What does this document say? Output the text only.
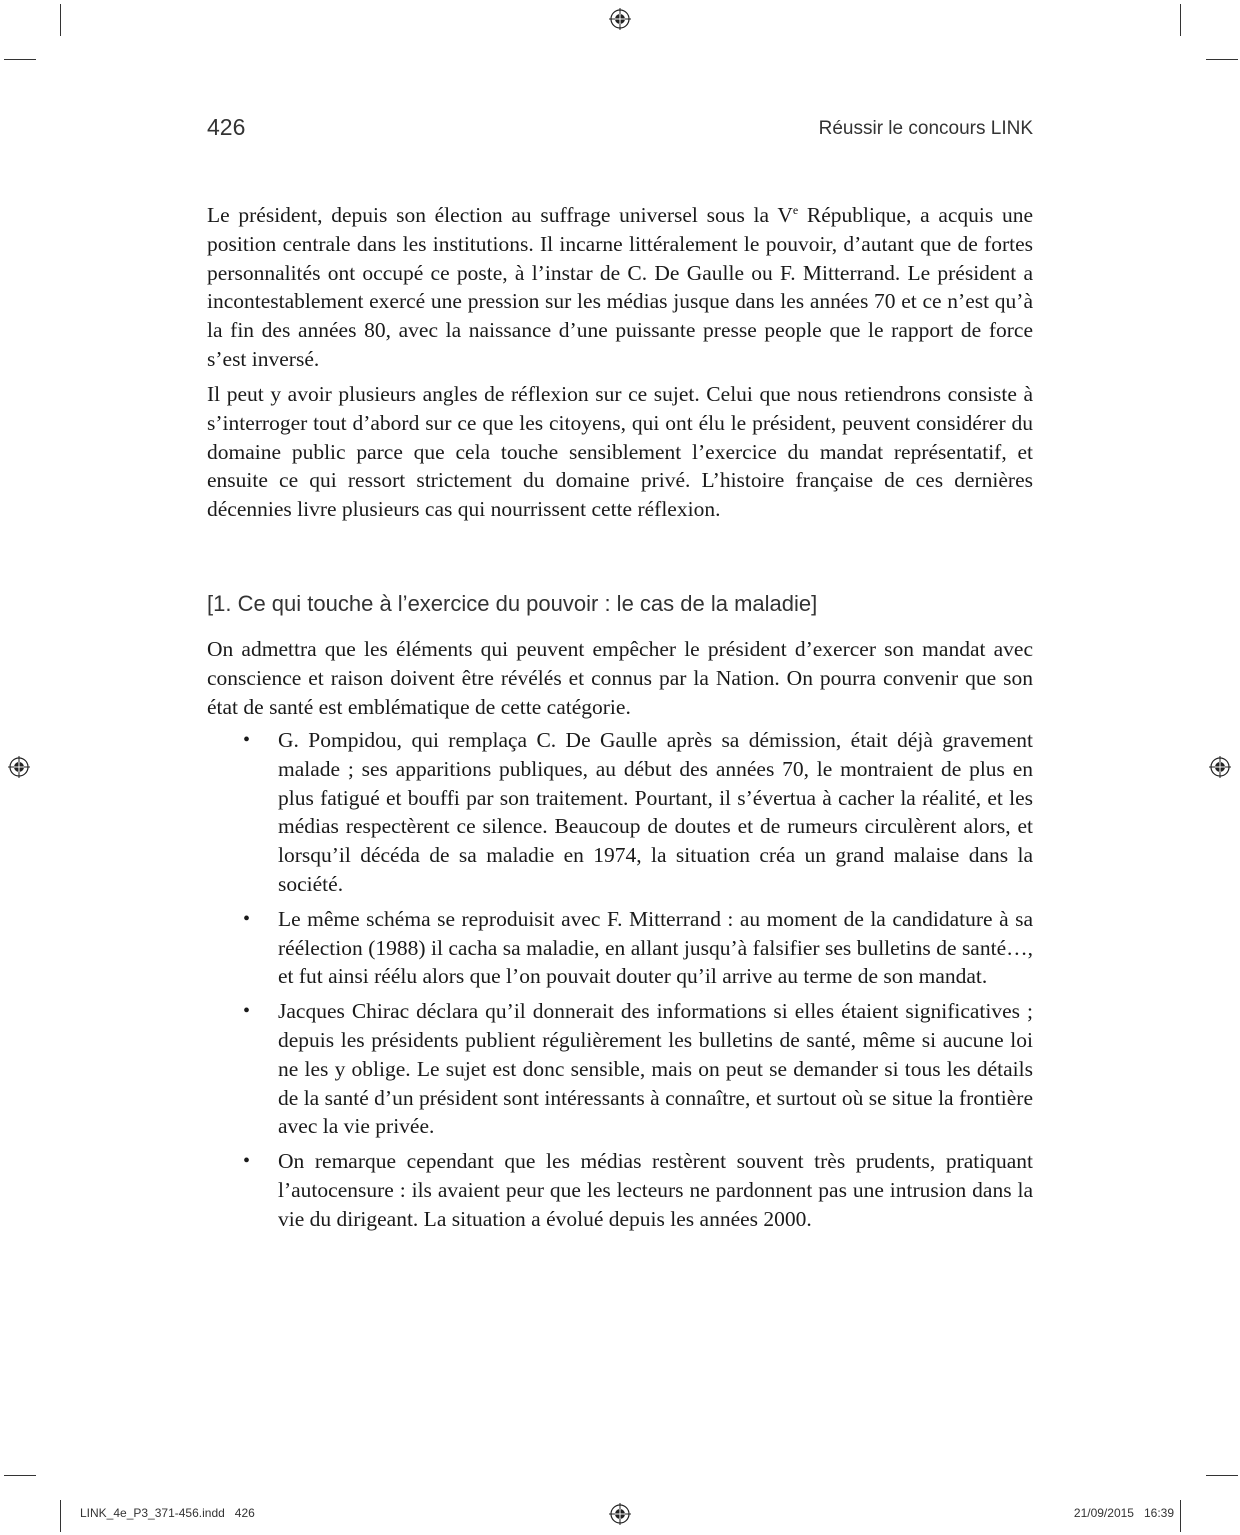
426	Réussir le concours LINK

Le président, depuis son élection au suffrage universel sous la Ve République, a acquis une position centrale dans les institutions. Il incarne littéralement le pouvoir, d’autant que de fortes personnalités ont occupé ce poste, à l’instar de C. De Gaulle ou F. Mitterrand. Le président a incontestablement exercé une pression sur les médias jusque dans les années 70 et ce n’est qu’à la fin des années 80, avec la naissance d’une puissante presse people que le rapport de force s’est inversé.

Il peut y avoir plusieurs angles de réflexion sur ce sujet. Celui que nous retiendrons consiste à s’interroger tout d’abord sur ce que les citoyens, qui ont élu le président, peuvent considérer du domaine public parce que cela touche sensiblement l’exercice du mandat représentatif, et ensuite ce qui ressort strictement du domaine privé. L’histoire française de ces dernières décennies livre plusieurs cas qui nourrissent cette réflexion.

[1. Ce qui touche à l’exercice du pouvoir : le cas de la maladie]

On admettra que les éléments qui peuvent empêcher le président d’exercer son mandat avec conscience et raison doivent être révélés et connus par la Nation. On pourra convenir que son état de santé est emblématique de cette catégorie.

• G. Pompidou, qui remplaça C. De Gaulle après sa démission, était déjà gravement malade ; ses apparitions publiques, au début des années 70, le montraient de plus en plus fatigué et bouffi par son traitement. Pourtant, il s’évertua à cacher la réalité, et les médias respectèrent ce silence. Beaucoup de doutes et de rumeurs circulèrent alors, et lorsqu’il décéda de sa maladie en 1974, la situation créa un grand malaise dans la société.
• Le même schéma se reproduisit avec F. Mitterrand : au moment de la candidature à sa réélection (1988) il cacha sa maladie, en allant jusqu’à falsifier ses bulletins de santé…, et fut ainsi réélu alors que l’on pouvait douter qu’il arrive au terme de son mandat.
• Jacques Chirac déclara qu’il donnerait des informations si elles étaient significatives ; depuis les présidents publient régulièrement les bulletins de santé, même si aucune loi ne les y oblige. Le sujet est donc sensible, mais on peut se demander si tous les détails de la santé d’un président sont intéressants à connaître, et surtout où se situe la frontière avec la vie privée.
• On remarque cependant que les médias restèrent souvent très prudents, pratiquant l’autocensure : ils avaient peur que les lecteurs ne pardonnent pas une intrusion dans la vie du dirigeant. La situation a évolué depuis les années 2000.
LINK_4e_P3_371-456.indd   426	21/09/2015   16:39
